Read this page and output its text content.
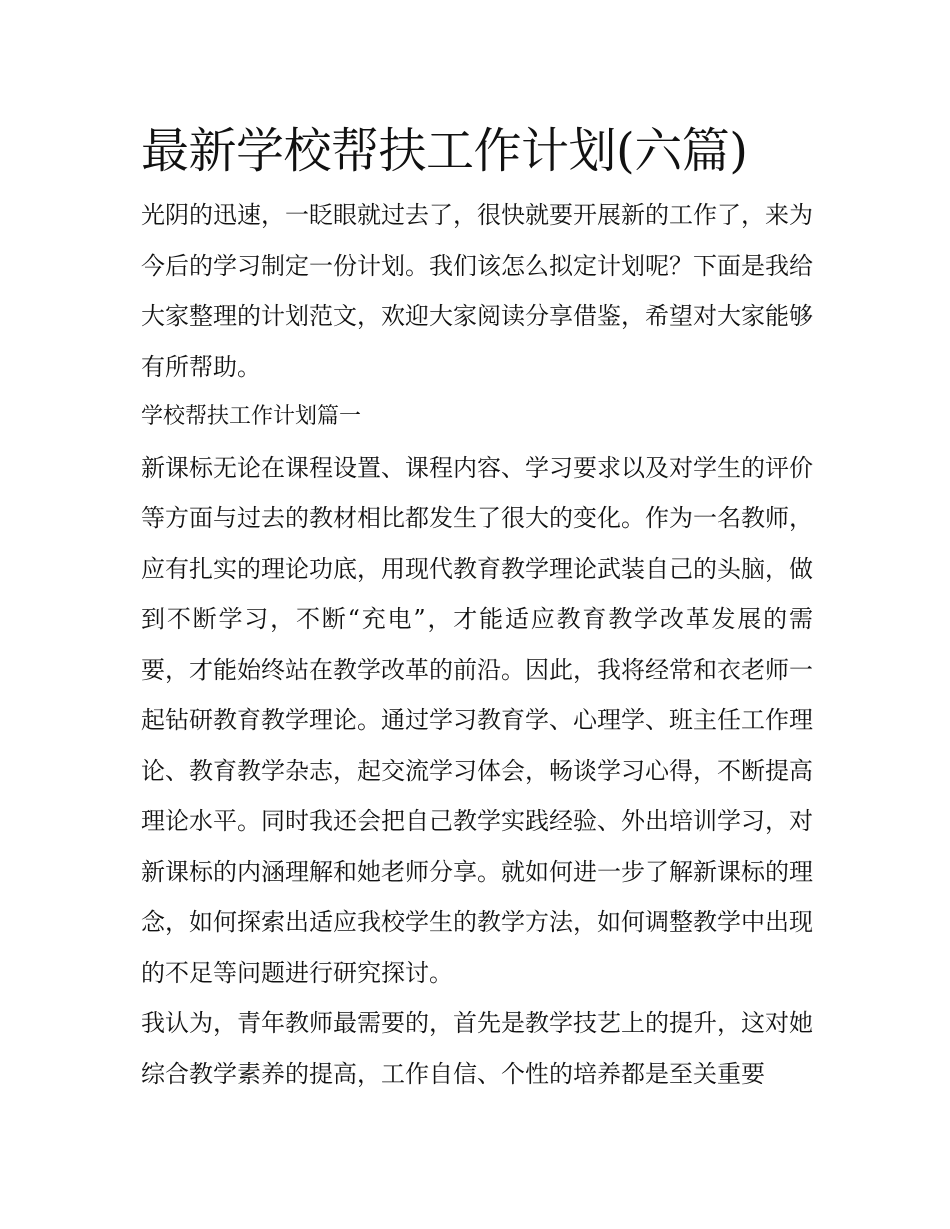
最新学校帮扶工作计划(六篇)

光阴的迅速，一眨眼就过去了，很快就要开展新的工作了，来为今后的学习制定一份计划。我们该怎么拟定计划呢？下面是我给大家整理的计划范文，欢迎大家阅读分享借鉴，希望对大家能够有所帮助。

学校帮扶工作计划篇一

新课标无论在课程设置、课程内容、学习要求以及对学生的评价等方面与过去的教材相比都发生了很大的变化。作为一名教师，应有扎实的理论功底，用现代教育教学理论武装自己的头脑，做到不断学习，不断“充电”，才能适应教育教学改革发展的需要，才能始终站在教学改革的前沿。因此，我将经常和衣老师一起钻研教育教学理论。通过学习教育学、心理学、班主任工作理论、教育教学杂志，起交流学习体会，畅谈学习心得，不断提高理论水平。同时我还会把自己教学实践经验、外出培训学习，对新课标的内涵理解和她老师分享。就如何进一步了解新课标的理念，如何探索出适应我校学生的教学方法，如何调整教学中出现的不足等问题进行研究探讨。

我认为，青年教师最需要的，首先是教学技艺上的提升，这对她综合教学素养的提高，工作自信、个性的培养都是至关重要
